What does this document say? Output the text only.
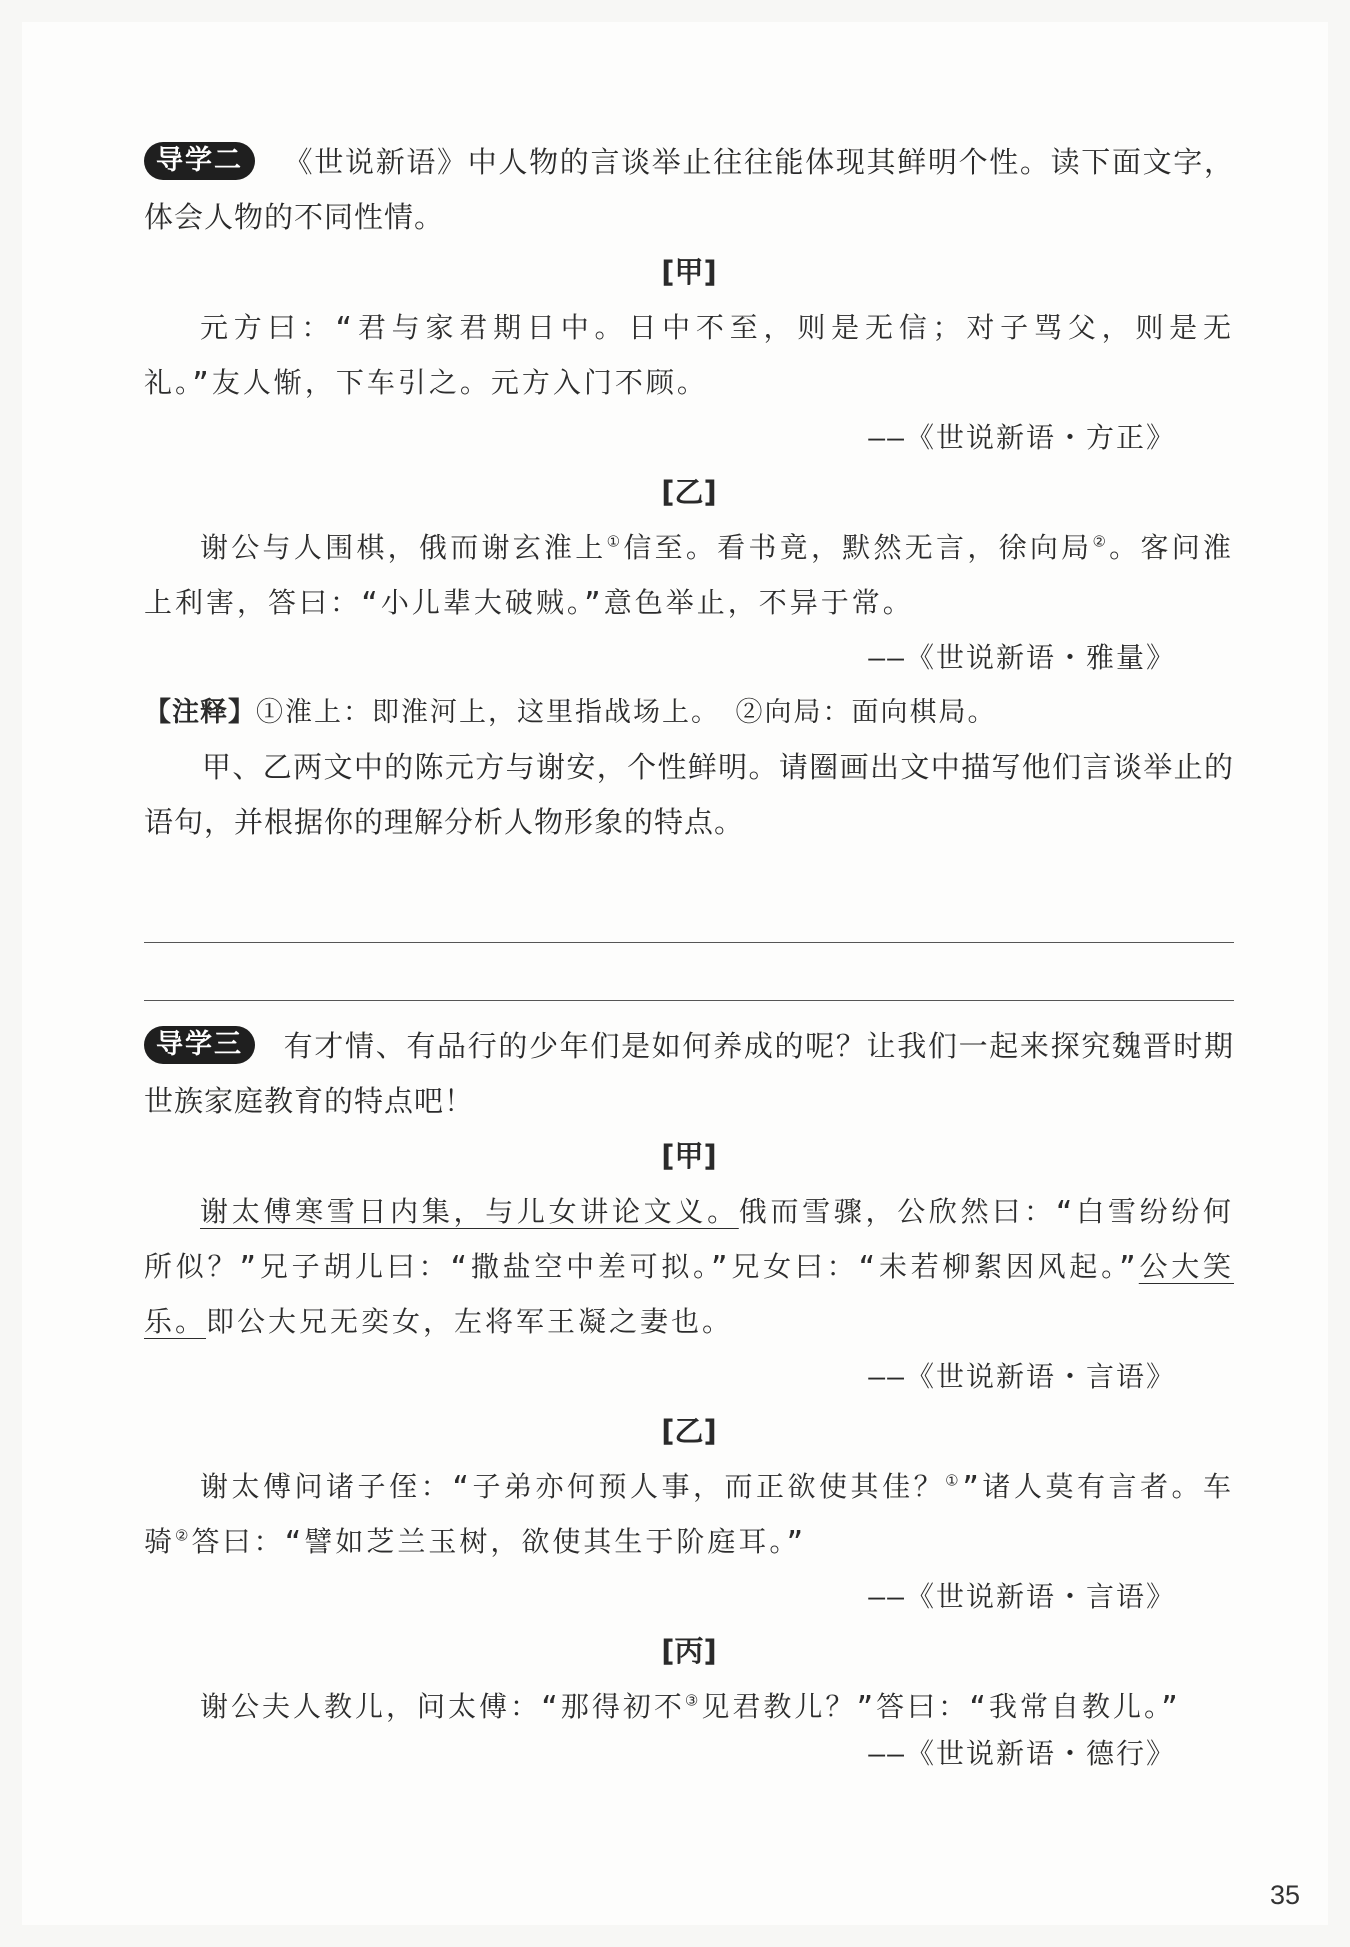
导学二 《世说新语》中人物的言谈举止往往能体现其鲜明个性。读下面文字，体会人物的不同性情。

[甲]

元方曰：“君与家君期日中。日中不至，则是无信；对子骂父，则是无礼。”友人惭，下车引之。元方入门不顾。

——《世说新语・方正》

[乙]

谢公与人围棋，俄而谢玄淮上①信至。看书竟，默然无言，徐向局②。客问淮上利害，答曰：“小儿辈大破贼。”意色举止，不异于常。

——《世说新语・雅量》

【注释】①淮上：即淮河上，这里指战场上。　②向局：面向棋局。

甲、乙两文中的陈元方与谢安，个性鲜明。请圈画出文中描写他们言谈举止的语句，并根据你的理解分析人物形象的特点。

导学三 有才情、有品行的少年们是如何养成的呢？让我们一起来探究魏晋时期世族家庭教育的特点吧！

[甲]

谢太傅寒雪日内集，与儿女讲论文义。俄而雪骤，公欣然曰：“白雪纷纷何所似？”兄子胡儿曰：“撒盐空中差可拟。”兄女曰：“未若柳絮因风起。”公大笑乐。即公大兄无奕女，左将军王凝之妻也。

——《世说新语・言语》

[乙]

谢太傅问诸子侄：“子弟亦何预人事，而正欲使其佳？①”诸人莫有言者。车骑②答曰：“譬如芝兰玉树，欲使其生于阶庭耳。”

——《世说新语・言语》

[丙]

谢公夫人教儿，问太傅：“那得初不③见君教儿？”答曰：“我常自教儿。”

——《世说新语・德行》

35
